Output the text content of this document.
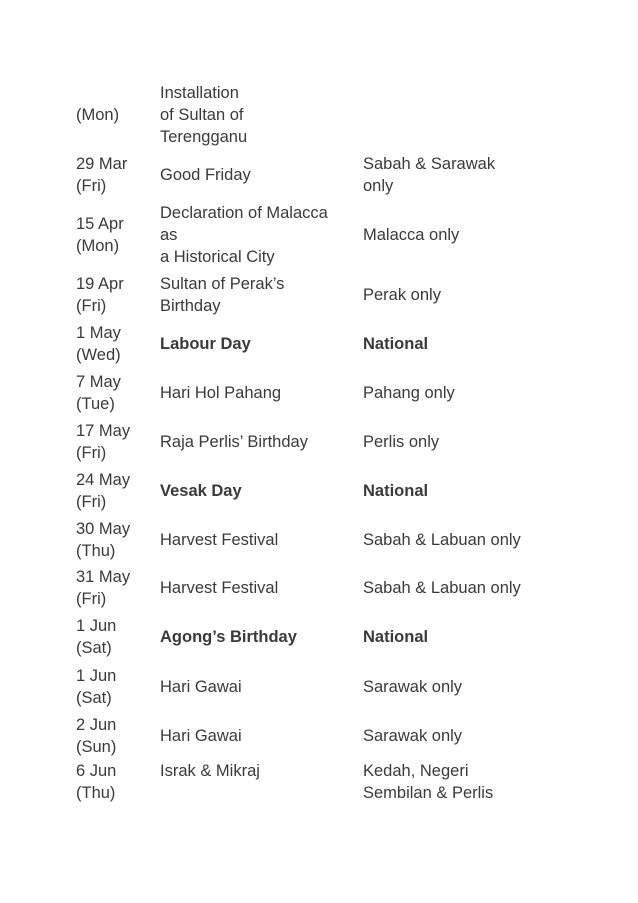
(Mon)	Installation
of Sultan of
Terengganu	

29 Mar
(Fri)	Good Friday	Sabah & Sarawak
only

15 Apr
(Mon)	Declaration of Malacca
as
a Historical City	Malacca only

19 Apr
(Fri)	Sultan of Perak’s
Birthday	Perak only

1 May
(Wed)	Labour Day	National

7 May
(Tue)	Hari Hol Pahang	Pahang only

17 May
(Fri)	Raja Perlis’ Birthday	Perlis only

24 May
(Fri)	Vesak Day	National

30 May
(Thu)	Harvest Festival	Sabah & Labuan only

31 May
(Fri)	Harvest Festival	Sabah & Labuan only

1 Jun
(Sat)	Agong’s Birthday	National

1 Jun
(Sat)	Hari Gawai	Sarawak only

2 Jun
(Sun)	Hari Gawai	Sarawak only

6 Jun
(Thu)	Israk & Mikraj	Kedah, Negeri
Sembilan & Perlis
